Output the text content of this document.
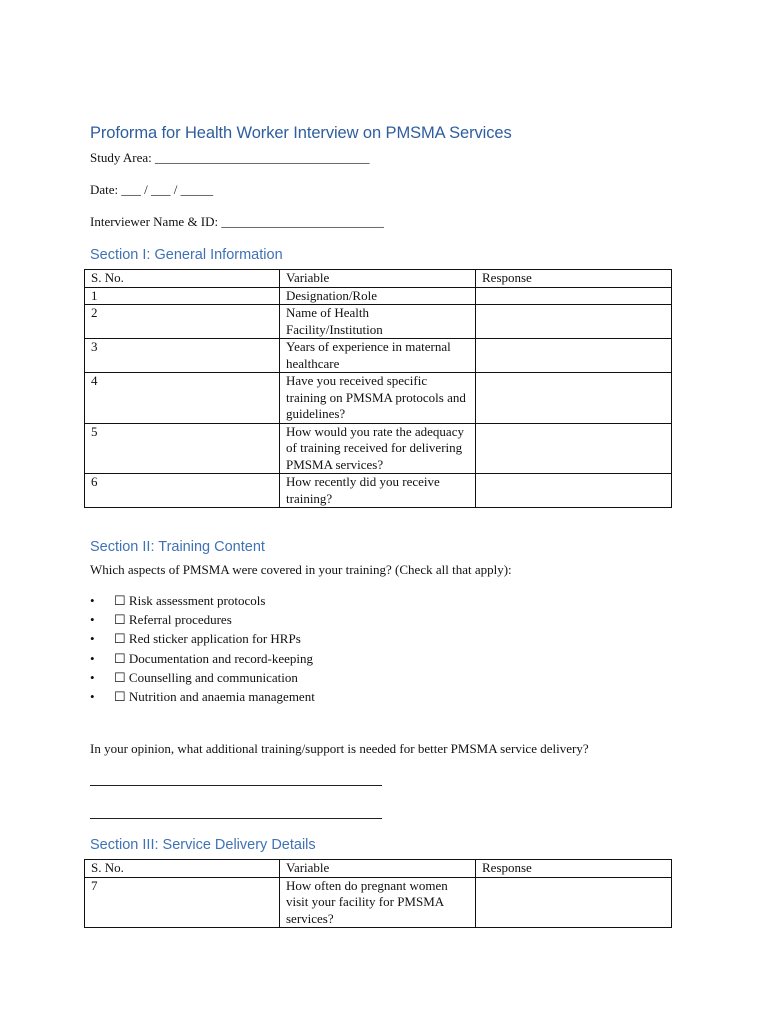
Proforma for Health Worker Interview on PMSMA Services
Study Area: _________________________________
Date: ___ / ___ / _____
Interviewer Name & ID: _________________________
Section I: General Information
S. No.	Variable	Response
1	Designation/Role	
2	Name of Health Facility/Institution	
3	Years of experience in maternal healthcare	
4	Have you received specific training on PMSMA protocols and guidelines?	
5	How would you rate the adequacy of training received for delivering PMSMA services?	
6	How recently did you receive training?	
Section II: Training Content
Which aspects of PMSMA were covered in your training? (Check all that apply):
• ☐ Risk assessment protocols
• ☐ Referral procedures
• ☐ Red sticker application for HRPs
• ☐ Documentation and record-keeping
• ☐ Counselling and communication
• ☐ Nutrition and anaemia management
In your opinion, what additional training/support is needed for better PMSMA service delivery?
Section III: Service Delivery Details
S. No.	Variable	Response
7	How often do pregnant women visit your facility for PMSMA services?	
